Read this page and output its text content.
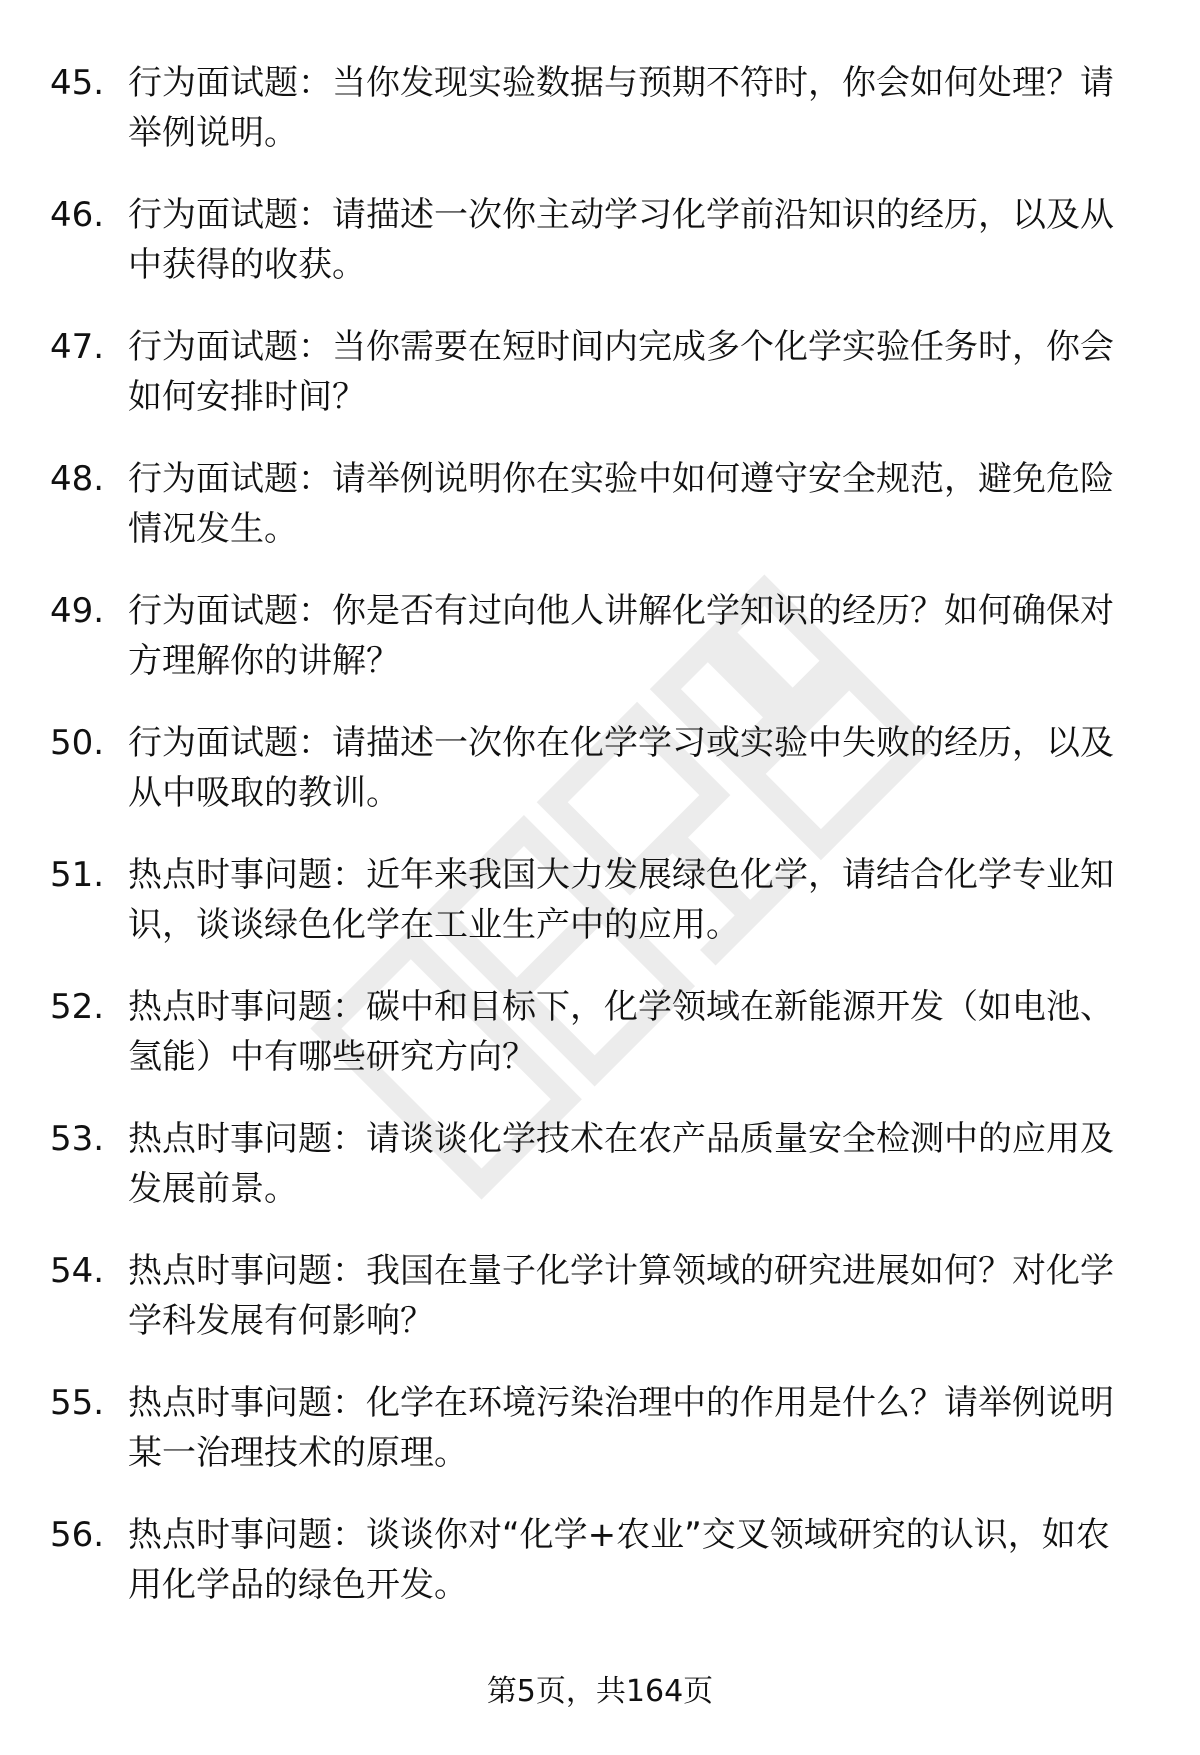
45. 行为面试题：当你发现实验数据与预期不符时，你会如何处理？请举例说明。
46. 行为面试题：请描述一次你主动学习化学前沿知识的经历，以及从中获得的收获。
47. 行为面试题：当你需要在短时间内完成多个化学实验任务时，你会如何安排时间？
48. 行为面试题：请举例说明你在实验中如何遵守安全规范，避免危险情况发生。
49. 行为面试题：你是否有过向他人讲解化学知识的经历？如何确保对方理解你的讲解？
50. 行为面试题：请描述一次你在化学学习或实验中失败的经历，以及从中吸取的教训。
51. 热点时事问题：近年来我国大力发展绿色化学，请结合化学专业知识，谈谈绿色化学在工业生产中的应用。
52. 热点时事问题：碳中和目标下，化学领域在新能源开发（如电池、氢能）中有哪些研究方向？
53. 热点时事问题：请谈谈化学技术在农产品质量安全检测中的应用及发展前景。
54. 热点时事问题：我国在量子化学计算领域的研究进展如何？对化学学科发展有何影响？
55. 热点时事问题：化学在环境污染治理中的作用是什么？请举例说明某一治理技术的原理。
56. 热点时事问题：谈谈你对“化学+农业”交叉领域研究的认识，如农用化学品的绿色开发。
第5页，共164页
